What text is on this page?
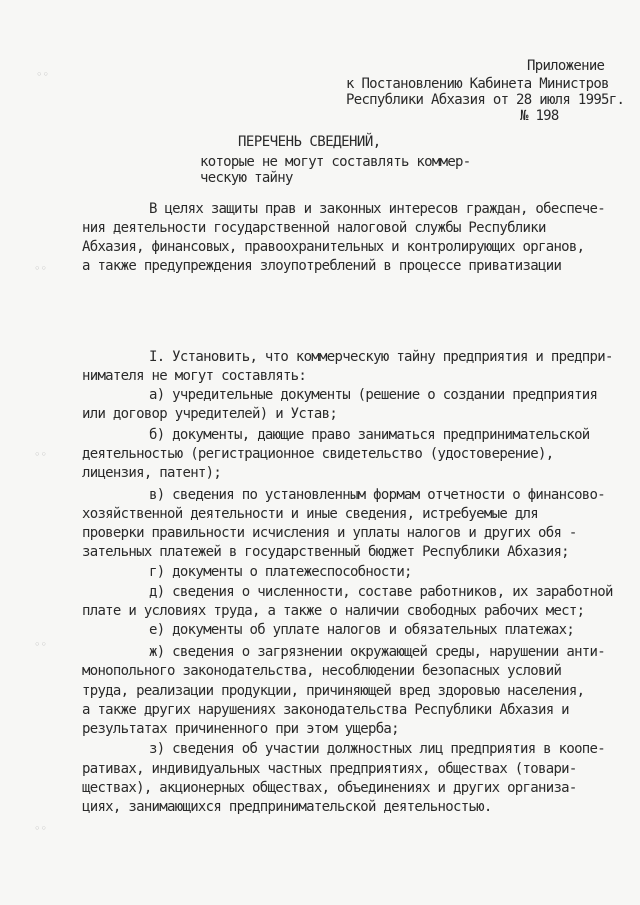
◦◦
◦◦
◦◦
◦◦
◦◦
Приложение
к Постановлению Кабинета Министров
Республики Абхазия от 28 июля 1995г.
№ 198
ПЕРЕЧЕНЬ СВЕДЕНИЙ,
которые не могут составлять коммер-
ческую тайну
В целях защиты прав и законных интересов граждан, обеспече-
ния деятельности государственной налоговой службы Республики
Абхазия, финансовых, правоохранительных и контролирующих органов,
а также предупреждения злоупотреблений в процессе приватизации
I. Установить, что коммерческую тайну предприятия и предпри-
нимателя не могут составлять:
а) учредительные документы (решение о создании предприятия
или договор учредителей) и Устав;
б) документы, дающие право заниматься предпринимательской
деятельностью (регистрационное свидетельство (удостоверение),
лицензия, патент);
в) сведения по установленным формам отчетности о финансово-
хозяйственной деятельности и иные сведения, истребуемые для
проверки правильности исчисления и уплаты налогов и других обя -
зательных платежей в государственный бюджет Республики Абхазия;
г) документы о платежеспособности;
д) сведения о численности, составе работников, их заработной
плате и условиях труда, а также о наличии свободных рабочих мест;
е) документы об уплате налогов и обязательных платежах;
ж) сведения о загрязнении окружающей среды, нарушении анти-
монопольного законодательства, несоблюдении безопасных условий
труда, реализации продукции, причиняющей вред здоровью населения,
а также других нарушениях законодательства Республики Абхазия и
результатах причиненного при этом ущерба;
з) сведения об участии должностных лиц предприятия в коопе-
ративах, индивидуальных частных предприятиях, обществах (товари-
ществах), акционерных обществах, объединениях и других организа-
циях, занимающихся предпринимательской деятельностью.
